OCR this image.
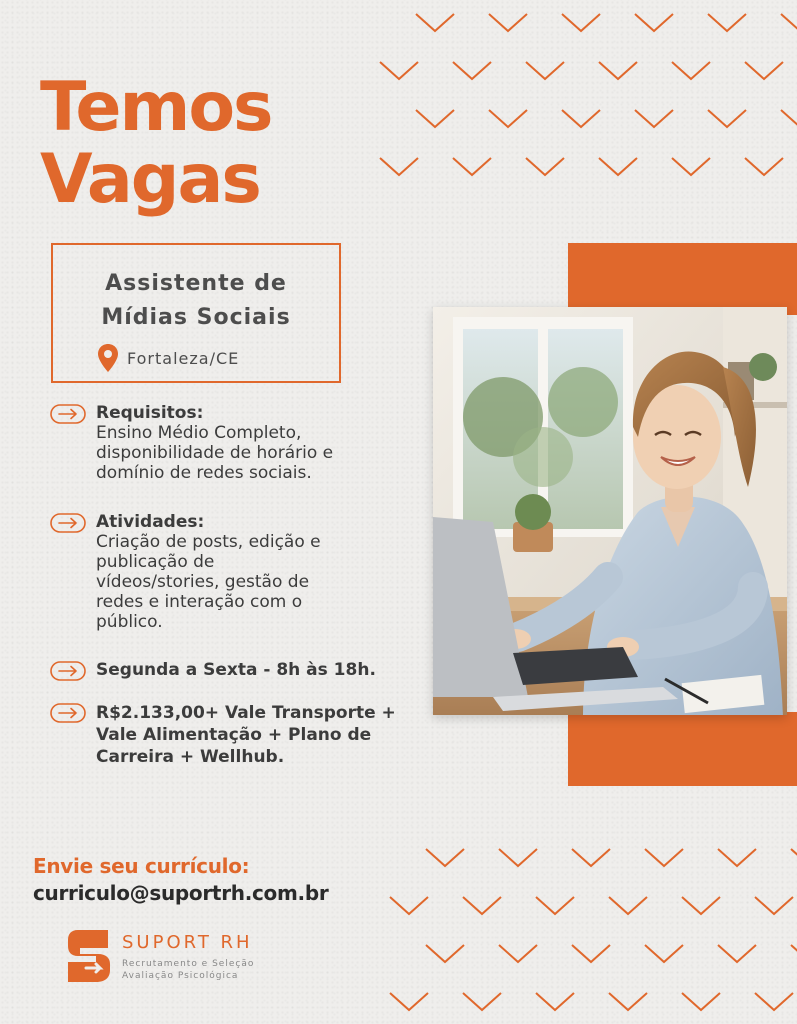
Temos
Vagas
Assistente de
Mídias Sociais
Fortaleza/CE
Requisitos:
Ensino Médio Completo,
disponibilidade de horário e
domínio de redes sociais.
Atividades:
Criação de posts, edição e
publicação de
vídeos/stories, gestão de
redes e interação com o
público.
Segunda a Sexta - 8h às 18h.
R$2.133,00+ Vale Transporte +
Vale Alimentação + Plano de
Carreira + Wellhub.
Envie seu currículo:
curriculo@suportrh.com.br
SUPORT RH
Recrutamento e Seleção
Avaliação Psicológica
